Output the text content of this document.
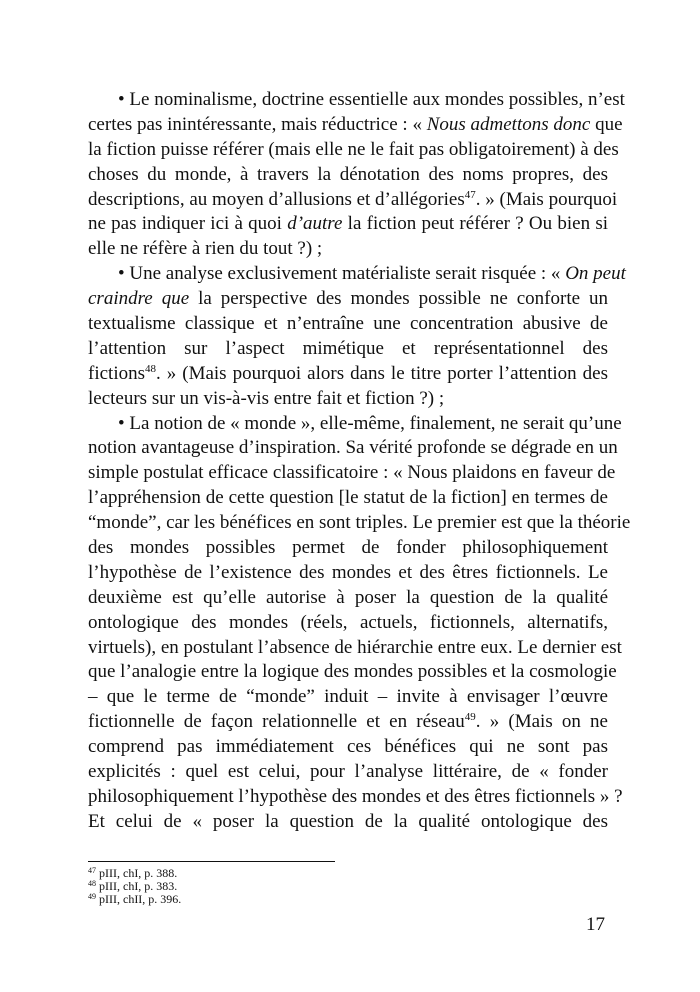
• Le nominalisme, doctrine essentielle aux mondes possibles, n’est
certes pas inintéressante, mais réductrice : « Nous admettons donc que
la fiction puisse référer (mais elle ne le fait pas obligatoirement) à des
choses du monde, à travers la dénotation des noms propres, des
descriptions, au moyen d’allusions et d’allégories$^{47}$. » (Mais pourquoi
ne pas indiquer ici à quoi d’autre la fiction peut référer ? Ou bien si
elle ne réfère à rien du tout ?) ;
• Une analyse exclusivement matérialiste serait risquée : « On peut
craindre que la perspective des mondes possible ne conforte un
textualisme classique et n’entraîne une concentration abusive de
l’attention sur l’aspect mimétique et représentationnel des
fictions$^{48}$. » (Mais pourquoi alors dans le titre porter l’attention des
lecteurs sur un vis-à-vis entre fait et fiction ?) ;
• La notion de « monde », elle-même, finalement, ne serait qu’une
notion avantageuse d’inspiration. Sa vérité profonde se dégrade en un
simple postulat efficace classificatoire : « Nous plaidons en faveur de
l’appréhension de cette question [le statut de la fiction] en termes de
“monde”, car les bénéfices en sont triples. Le premier est que la théorie
des mondes possibles permet de fonder philosophiquement
l’hypothèse de l’existence des mondes et des êtres fictionnels. Le
deuxième est qu’elle autorise à poser la question de la qualité
ontologique des mondes (réels, actuels, fictionnels, alternatifs,
virtuels), en postulant l’absence de hiérarchie entre eux. Le dernier est
que l’analogie entre la logique des mondes possibles et la cosmologie
– que le terme de “monde” induit – invite à envisager l’œuvre
fictionnelle de façon relationnelle et en réseau$^{49}$. » (Mais on ne
comprend pas immédiatement ces bénéfices qui ne sont pas
explicités : quel est celui, pour l’analyse littéraire, de « fonder
philosophiquement l’hypothèse des mondes et des êtres fictionnels » ?
Et celui de « poser la question de la qualité ontologique des
$^{47}$ pIII, chI, p. 388.
$^{48}$ pIII, chI, p. 383.
$^{49}$ pIII, chII, p. 396.
17
